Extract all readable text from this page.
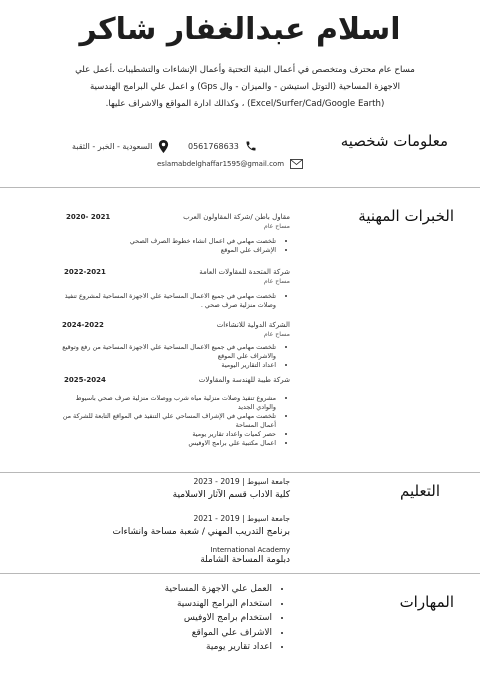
اسلام عبدالغفار شاكر
مساح عام محترف ومتخصص في أعمال البنية التحتية وأعمال الإنشاءات والتشطيبات .أعمل علي الاجهزة المساحية (التوتل استيشن - والميزان - وال Gps) و اعمل علي البرامج الهندسية (Excel/Surfer/Cad/Google Earth) ، وكذالك ادارة المواقع والاشراف عليها.
معلومات شخصيه
0561768633
السعودية - الخبر - الثقبة
eslamabdelghaffar1595@gmail.com
الخبرات المهنية
مقاول باطن /شركة المقاولون العرب
2020- 2021
مساح عام
• تلخصت مهامي في اعمال انشاء خطوط الصرف الصحي
• الإشراف علي الموقع
شركة المتحدة للمقاولات العامة
2022-2021
مساح عام
• تلخصت مهامي في جميع الاعمال المساحية علي الاجهزة المساحية لمشروع تنفيذ وصلات منزلية صرف صحي .
الشركة الدولية للانشاءات
2024-2022
مساح عام
• تلخصت مهامي في جميع الاعمال المساحية علي الاجهزة المساحية من رفع وتوقيع والاشراف علي الموقع
• اعداد التقارير اليومية
شركة طيبة للهندسة والمقاولات
2025-2024
• مشروع تنفيذ وصلات منزلية مياه شرب ووصلات منزلية صرف صحي باسيوط والوادي الجديد
• تلخصت مهامي في الإشراف المساحي علي التنفيذ في المواقع التابعة للشركة من أعمال المساحة
• حصر كميات واعداد تقارير يومية
• اعمال مكتبية علي برامج الاوفيس
التعليم
جامعة اسيوط | 2019 - 2023
كلية الاداب قسم الآثار الاسلامية
جامعة اسيوط | 2019 - 2021
برنامج التدريب المهني / شعبة مساحة وانشاءات
International Academy
دبلومة المساحة الشاملة
المهارات
• العمل علي الاجهزة المساحية
• استخدام البرامج الهندسية
• استخدام برامج الاوفيس
• الاشراف علي المواقع
• اعداد تقارير يومية
